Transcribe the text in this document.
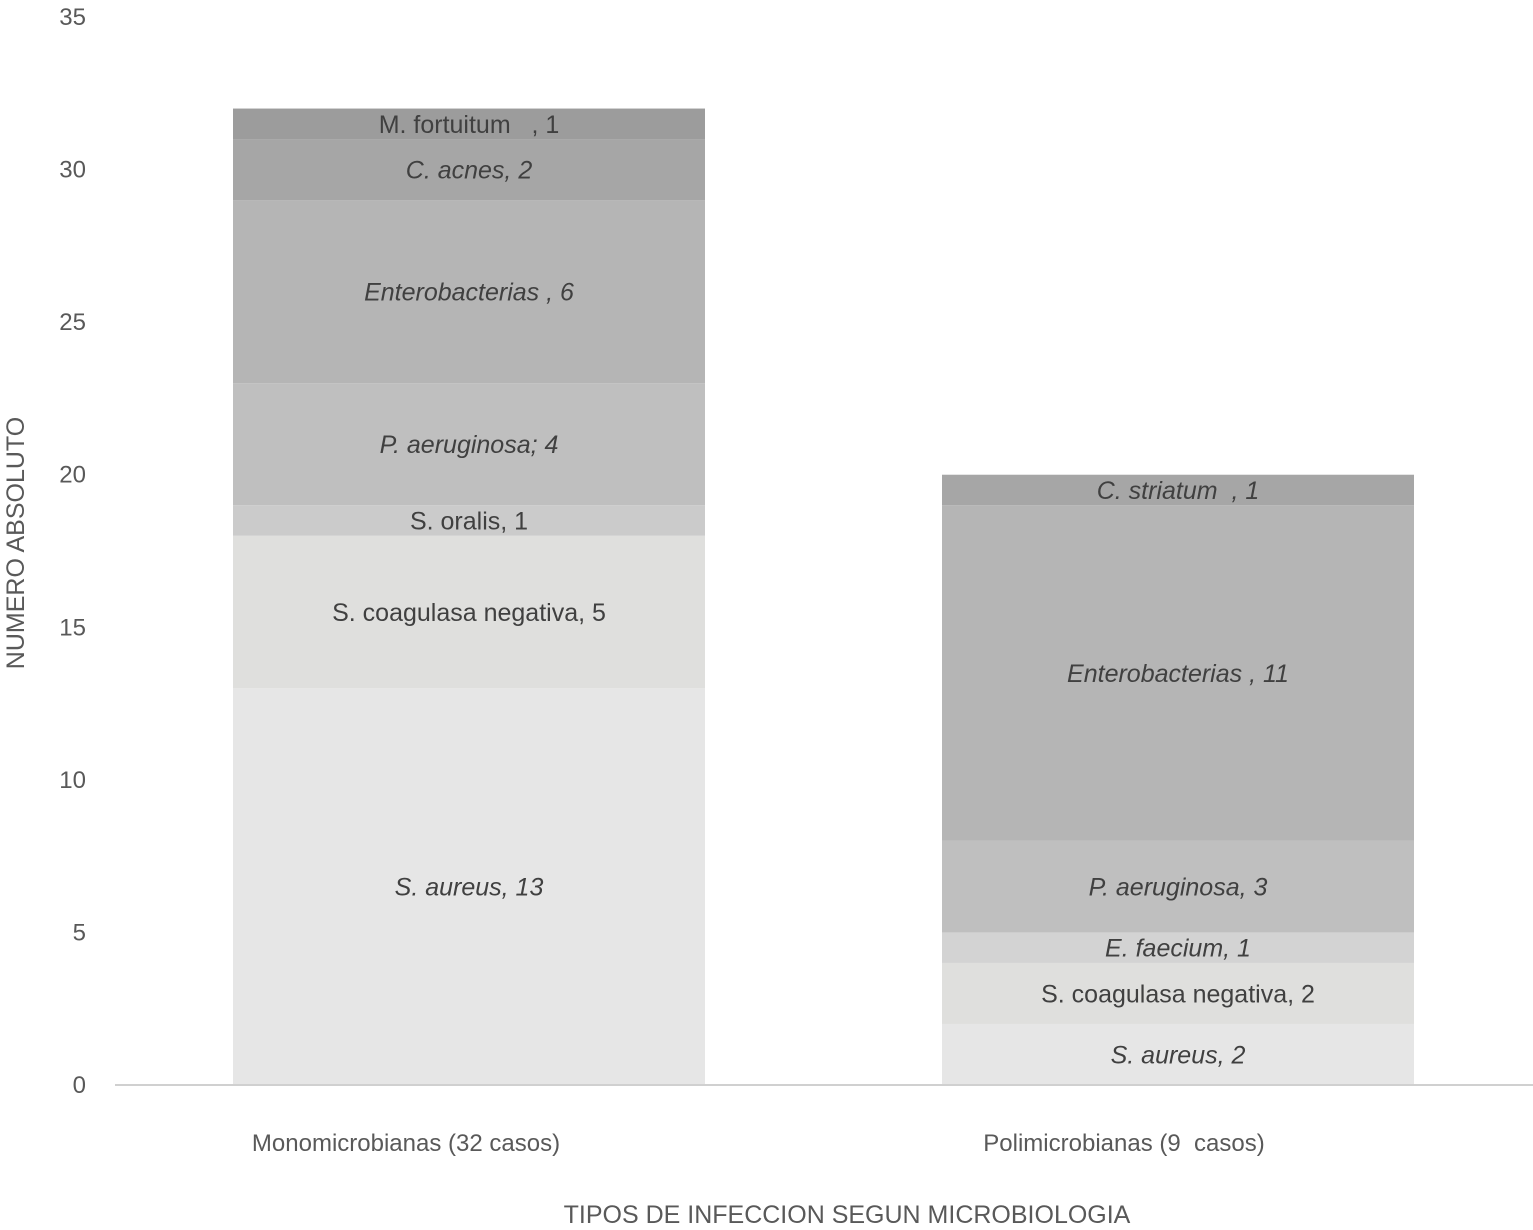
0
5
10
15
20
25
30
35
S. aureus, 13
S. coagulasa negativa, 5
S. oralis, 1
P. aeruginosa; 4
Enterobacterias , 6
C. acnes, 2
M. fortuitum   , 1
S. aureus, 2
S. coagulasa negativa, 2
E. faecium, 1
P. aeruginosa, 3
Enterobacterias , 11
C. striatum  , 1
Monomicrobianas (32 casos)	Polimicrobianas (9  casos)
NUMERO ABSOLUTO
TIPOS DE INFECCION SEGUN MICROBIOLOGIA
